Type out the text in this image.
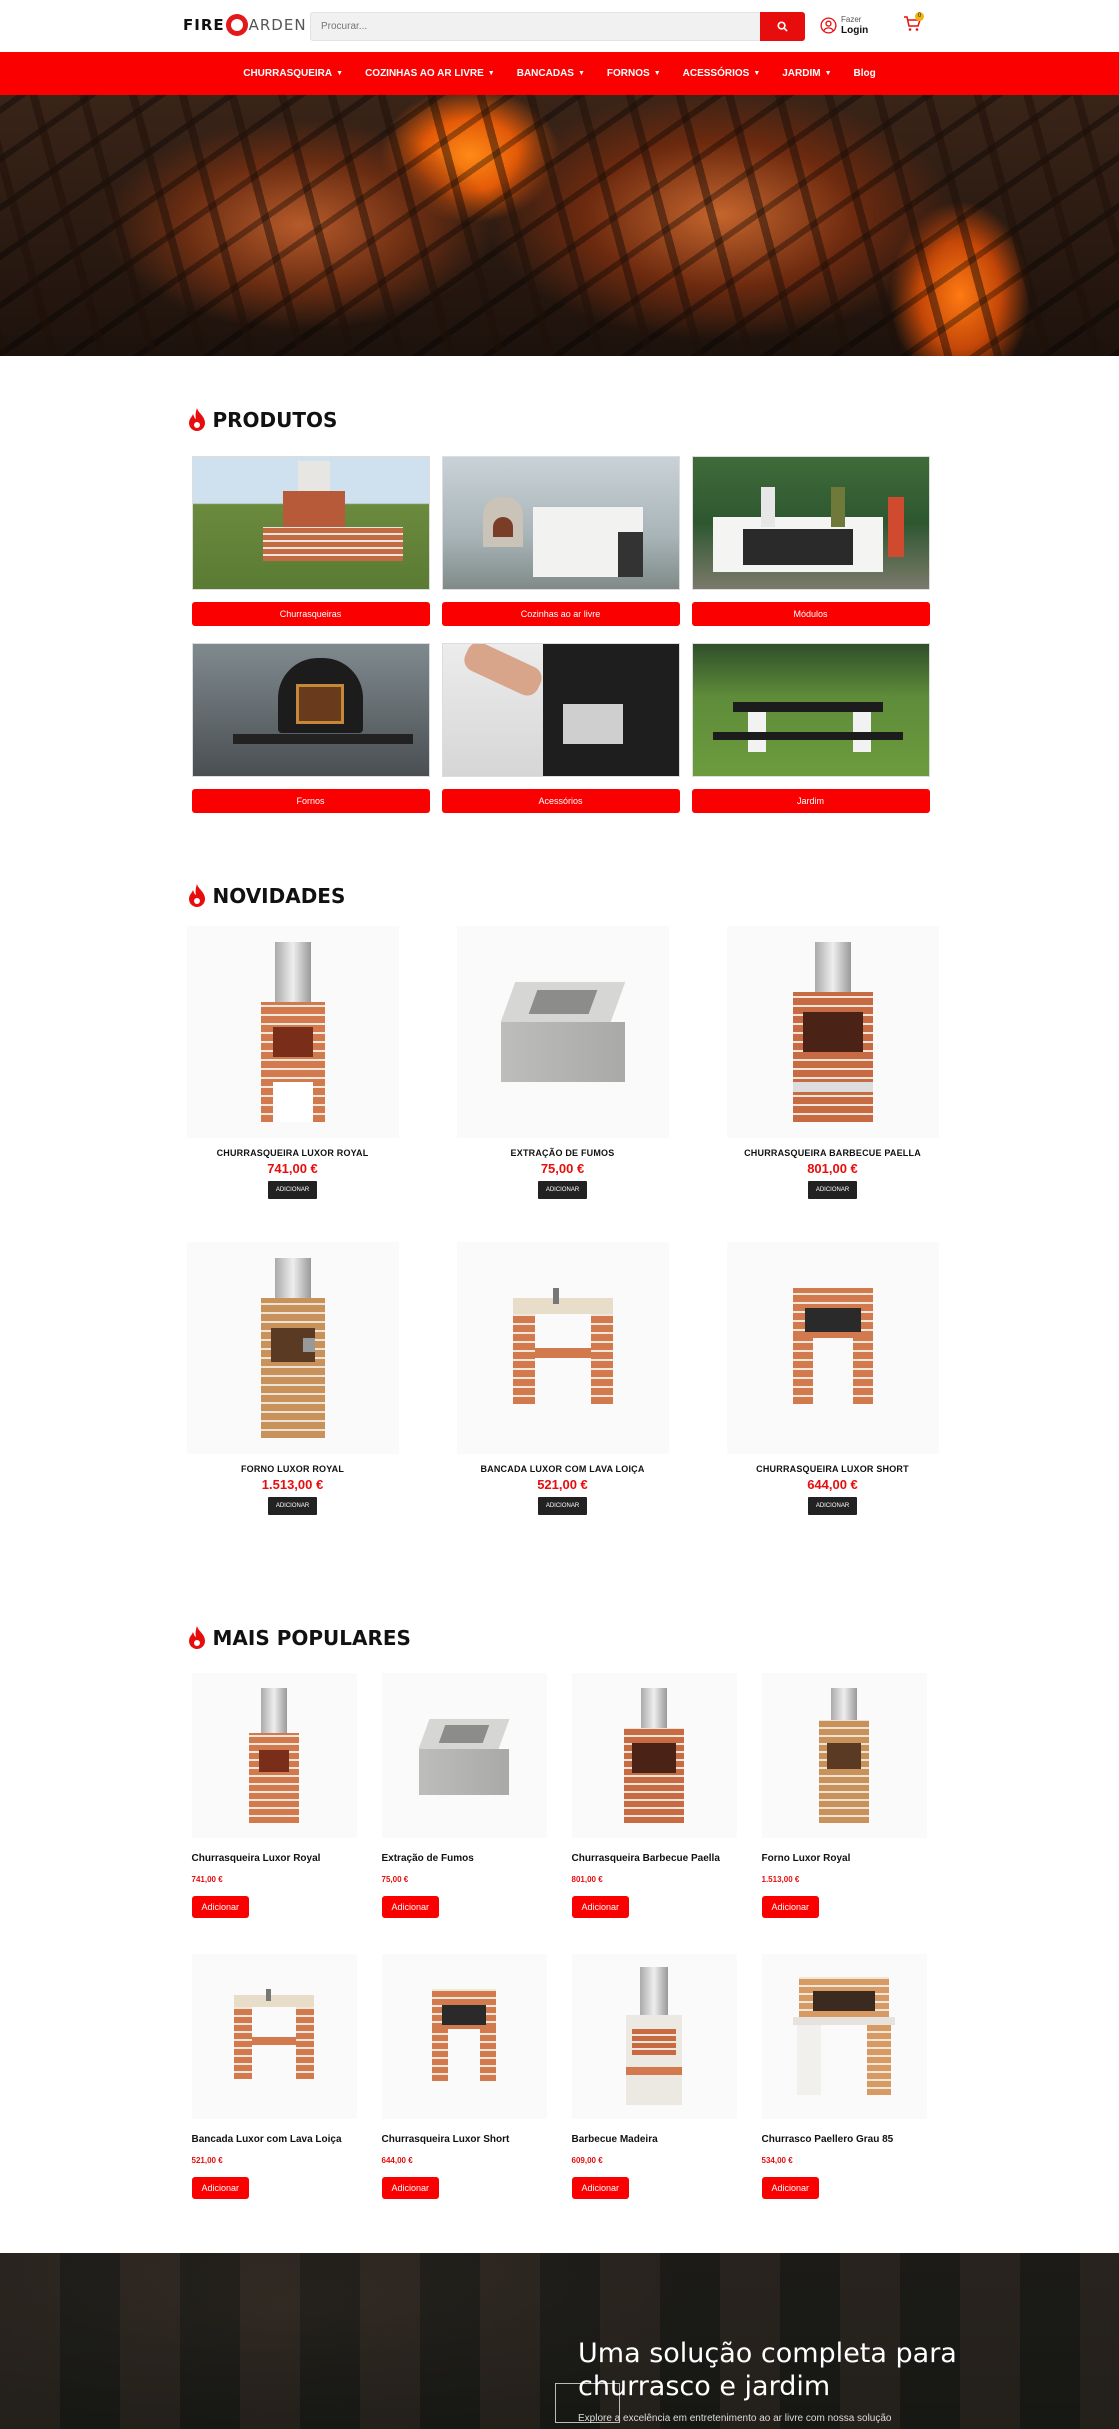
FIRE ARDEN
Procurar...	Fazer
Login
0
CHURRASQUEIRA ▼ COZINHAS AO AR LIVRE ▼ BANCADAS ▼ FORNOS ▼ ACESSÓRIOS ▼ JARDIM ▼ Blog
PRODUTOS
Churrasqueiras	Cozinhas ao ar livre	Módulos
Fornos	Acessórios	Jardim
NOVIDADES
CHURRASQUEIRA LUXOR ROYAL
741,00 €
ADICIONAR
EXTRAÇÃO DE FUMOS
75,00 €
ADICIONAR
CHURRASQUEIRA BARBECUE PAELLA
801,00 €
ADICIONAR
FORNO LUXOR ROYAL
1.513,00 €
ADICIONAR
BANCADA LUXOR COM LAVA LOIÇA
521,00 €
ADICIONAR
CHURRASQUEIRA LUXOR SHORT
644,00 €
ADICIONAR
MAIS POPULARES
Churrasqueira Luxor Royal
741,00 €
Adicionar
Extração de Fumos
75,00 €
Adicionar
Churrasqueira Barbecue Paella
801,00 €
Adicionar
Forno Luxor Royal
1.513,00 €
Adicionar
Bancada Luxor com Lava Loiça
521,00 €
Adicionar
Churrasqueira Luxor Short
644,00 €
Adicionar
Barbecue Madeira
609,00 €
Adicionar
Churrasco Paellero Grau 85
534,00 €
Adicionar
Uma solução completa para churrasco e jardim
Explore a excelência em entretenimento ao ar livre com nossa solução
